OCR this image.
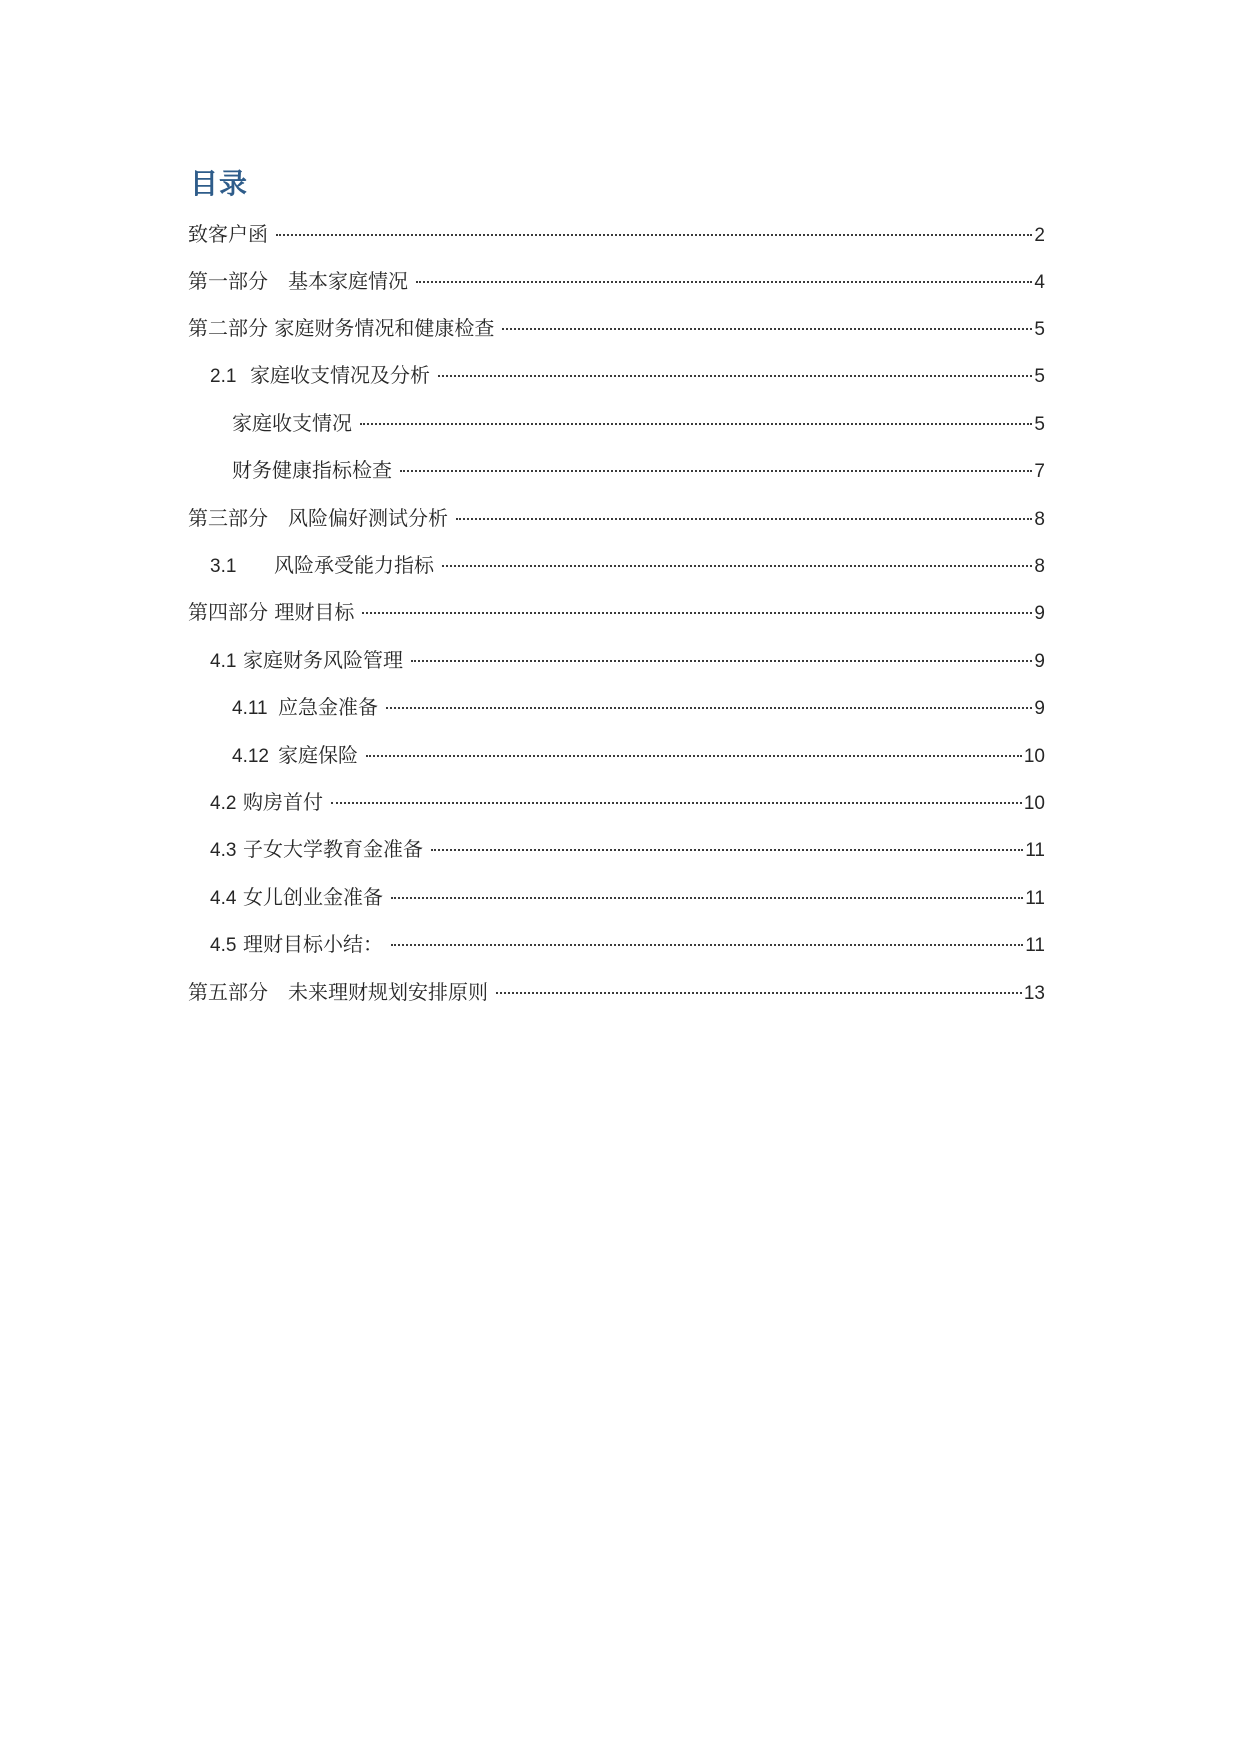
目录
致客户函	2
第一部分　基本家庭情况	4
第二部分 家庭财务情况和健康检查	5
2.1 家庭收支情况及分析	5
家庭收支情况	5
财务健康指标检查	7
第三部分　风险偏好测试分析	8
3.1	风险承受能力指标	8
第四部分 理财目标	9
4.1 家庭财务风险管理	9
4.11 应急金准备	9
4.12 家庭保险	10
4.2 购房首付	10
4.3 子女大学教育金准备	11
4.4 女儿创业金准备	11
4.5 理财目标小结：	11
第五部分　未来理财规划安排原则	13
